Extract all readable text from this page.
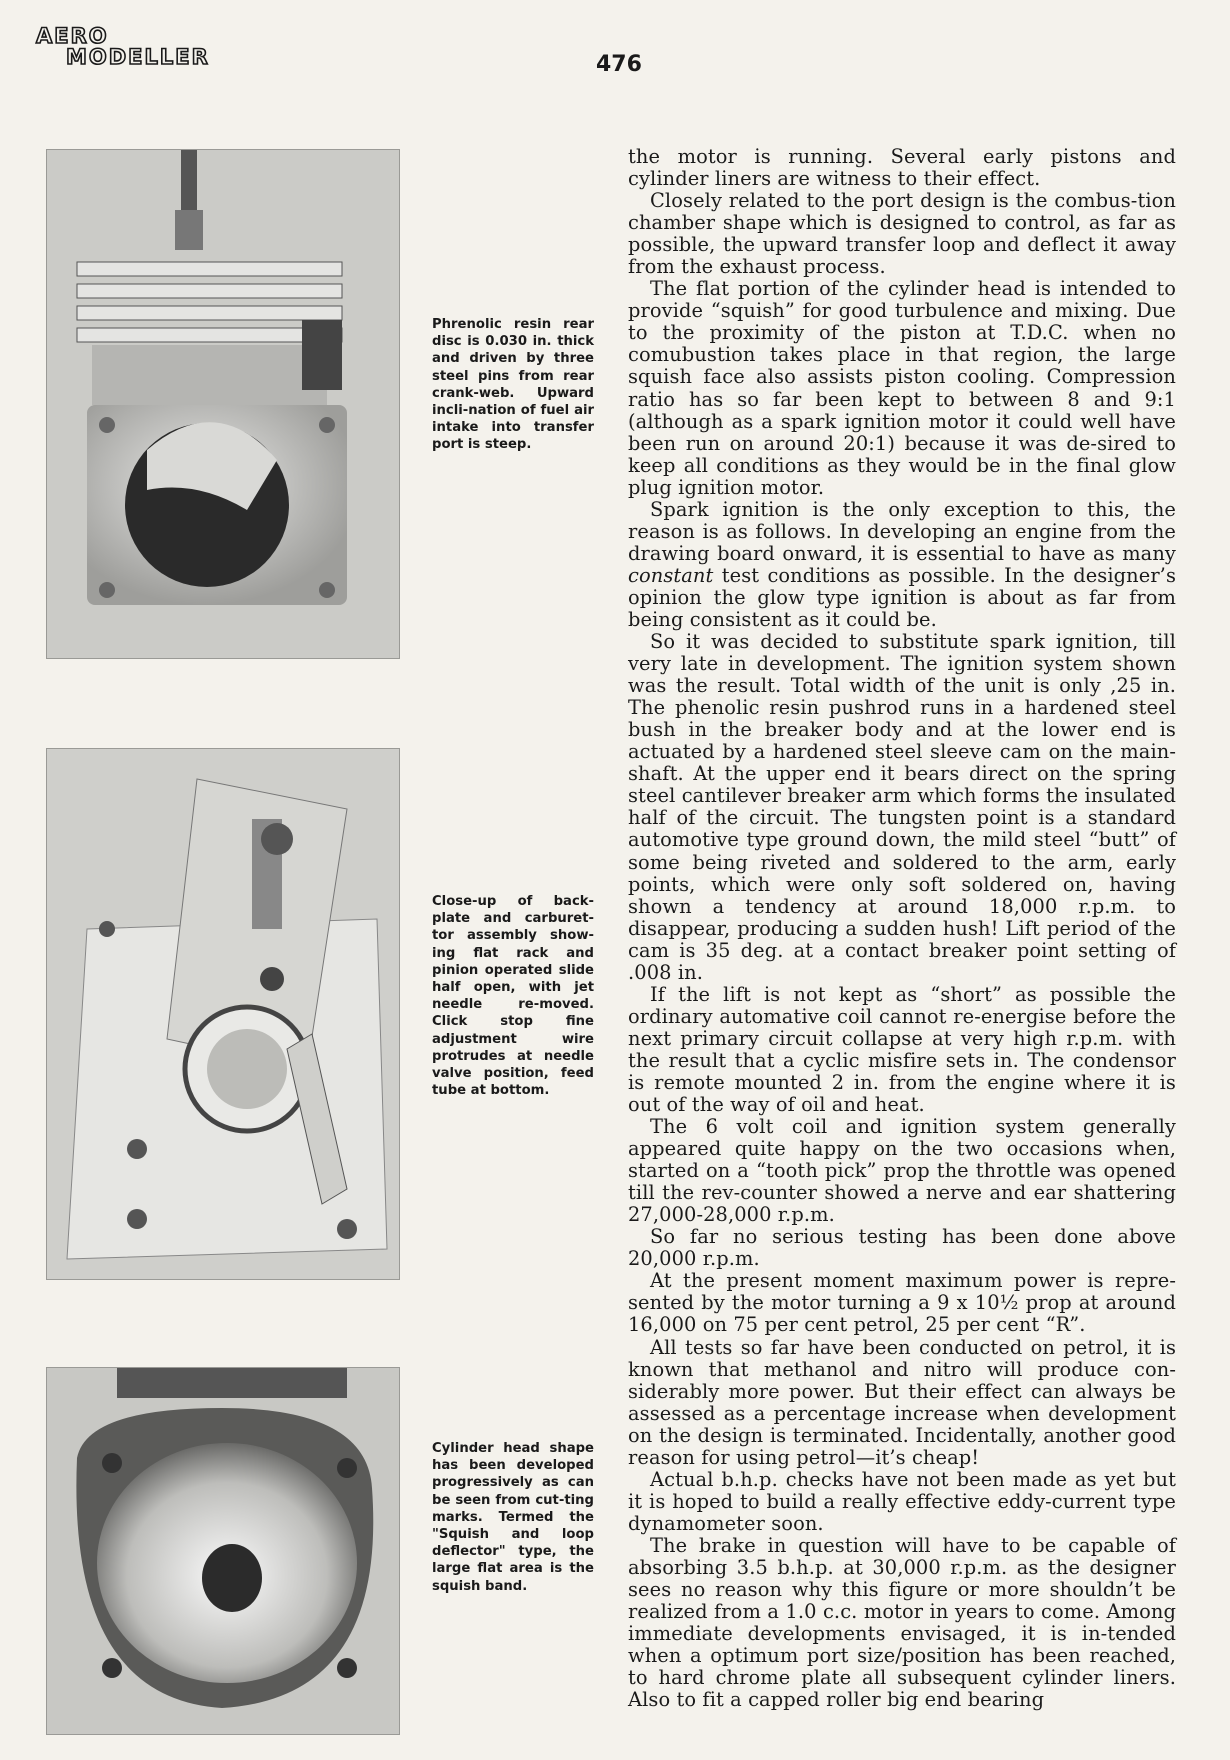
AERO
MODELLER	476
Phrenolic resin rear disc is 0.030 in. thick and driven by three steel pins from rear crank-web. Upward incli-nation of fuel air intake into transfer port is steep.
Close-up of back-plate and carburet-tor assembly show-ing flat rack and pinion operated slide half open, with jet needle re-moved. Click stop fine adjustment wire protrudes at needle valve position, feed tube at bottom.
Cylinder head shape has been developed progressively as can be seen from cut-ting marks. Termed the "Squish and loop deflector" type, the large flat area is the squish band.

the motor is running. Several early pistons and cylinder liners are witness to their effect.

Closely related to the port design is the combus-tion chamber shape which is designed to control, as far as possible, the upward transfer loop and deflect it away from the exhaust process.

The flat portion of the cylinder head is intended to provide “squish” for good turbulence and mixing. Due to the proximity of the piston at T.D.C. when no comubustion takes place in that region, the large squish face also assists piston cooling. Compression ratio has so far been kept to between 8 and 9:1 (although as a spark ignition motor it could well have been run on around 20:1) because it was de-sired to keep all conditions as they would be in the final glow plug ignition motor.

Spark ignition is the only exception to this, the reason is as follows. In developing an engine from the drawing board onward, it is essential to have as many constant test conditions as possible. In the designer’s opinion the glow type ignition is about as far from being consistent as it could be.

So it was decided to substitute spark ignition, till very late in development. The ignition system shown was the result. Total width of the unit is only ,25 in. The phenolic resin pushrod runs in a hardened steel bush in the breaker body and at the lower end is actuated by a hardened steel sleeve cam on the main-shaft. At the upper end it bears direct on the spring steel cantilever breaker arm which forms the insulated half of the circuit. The tungsten point is a standard automotive type ground down, the mild steel “butt” of some being riveted and soldered to the arm, early points, which were only soft soldered on, having shown a tendency at around 18,000 r.p.m. to disappear, producing a sudden hush! Lift period of the cam is 35 deg. at a contact breaker point setting of .008 in.

If the lift is not kept as “short” as possible the ordinary automative coil cannot re-energise before the next primary circuit collapse at very high r.p.m. with the result that a cyclic misfire sets in. The condensor is remote mounted 2 in. from the engine where it is out of the way of oil and heat.

The 6 volt coil and ignition system generally appeared quite happy on the two occasions when, started on a “tooth pick” prop the throttle was opened till the rev-counter showed a nerve and ear shattering 27,000-28,000 r.p.m.

So far no serious testing has been done above 20,000 r.p.m.

At the present moment maximum power is repre-sented by the motor turning a 9 x 10½ prop at around 16,000 on 75 per cent petrol, 25 per cent “R”.

All tests so far have been conducted on petrol, it is known that methanol and nitro will produce con-siderably more power. But their effect can always be assessed as a percentage increase when development on the design is terminated. Incidentally, another good reason for using petrol—it’s cheap!

Actual b.h.p. checks have not been made as yet but it is hoped to build a really effective eddy-current type dynamometer soon.

The brake in question will have to be capable of absorbing 3.5 b.h.p. at 30,000 r.p.m. as the designer sees no reason why this figure or more shouldn’t be realized from a 1.0 c.c. motor in years to come. Among immediate developments envisaged, it is in-tended when a optimum port size/position has been reached, to hard chrome plate all subsequent cylinder liners. Also to fit a capped roller big end bearing
